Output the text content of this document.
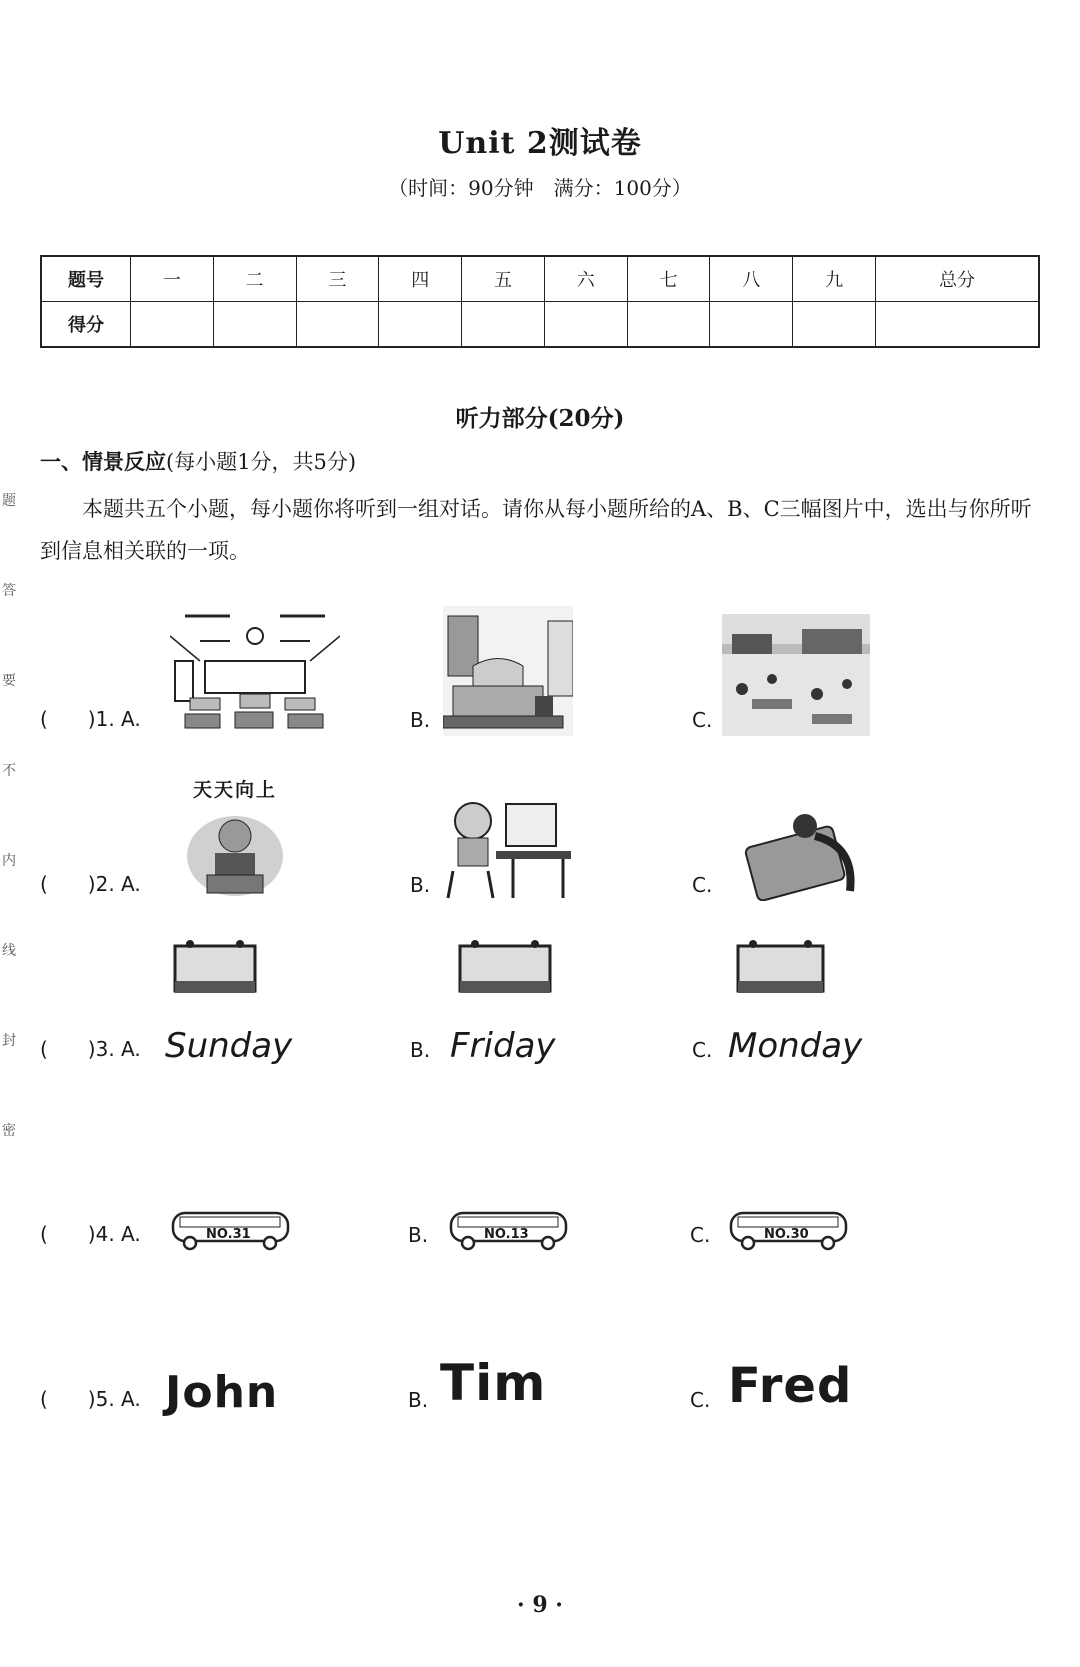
题
答
要
不
内
线
封
密
Unit 2测试卷
（时间：90分钟　满分：100分）
题号	一	二	三	四	五	六	七	八	九	总分
得分										
听力部分(20分)
一、情景反应(每小题1分，共5分)
本题共五个小题，每小题你将听到一组对话。请你从每小题所给的A、B、C三幅图片中，选出与你所听到信息相关联的一项。
(　　)1. A.	B.	C.
(　　)2. A.
天天向上
B.	C.
(　　)3. A. Sunday	B. Friday	C. Monday
(　　)4. A.	NO.31	B.	NO.13	C.	NO.30
(　　)5. A. John	B. Tim	C. Fred
· 9 ·
